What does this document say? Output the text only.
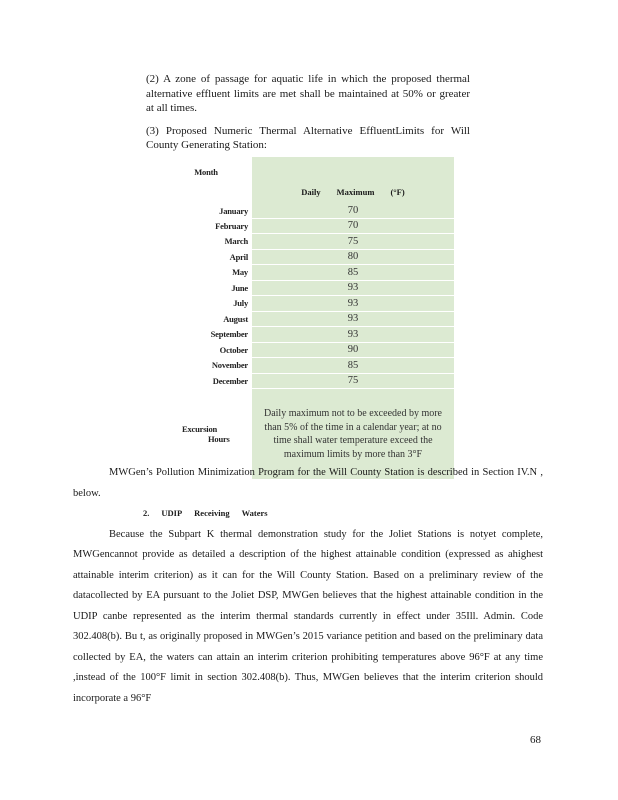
(2) A zone of passage for aquatic life in which the proposed thermal alternative effluent limits are met shall be maintained at 50% or greater at all times.

(3) Proposed Numeric Thermal Alternative EffluentLimits for Will County Generating Station:

Month	Daily Maximum (°F)
January	70
February	70
March	75
April	80
May	85
June	93
July	93
August	93
September	93
October	90
November	85
December	75
ExcursionHours	Daily maximum not to be exceeded by more than 5% of the time in a calendar year; at no time shall water temperature exceed the maximum limits by more than 3°F

MWGen’s Pollution Minimization Program for the Will County Station is described in Section IV.N , below.

Because the Subpart K thermal demonstration study for the Joliet Stations is notyet complete, MWGencannot provide as detailed a description of the highest attainable condition (expressed as ahighest attainable interim criterion) as it can for the Will County Station. Based on a preliminary review of the datacollected by EA pursuant to the Joliet DSP, MWGen believes that the highest attainable condition in the UDIP canbe represented as the interim thermal standards currently in effect under 35Ill. Admin. Code 302.408(b). Bu t, as originally proposed in MWGen’s 2015 variance petition and based on the preliminary data collected by EA, the waters can attain an interim criterion prohibiting temperatures above 96°F at any time ,instead of the 100°F limit in section 302.408(b). Thus, MWGen believes that the interim criterion should incorporate a 96°F

2. UDIP Receiving Waters
68
